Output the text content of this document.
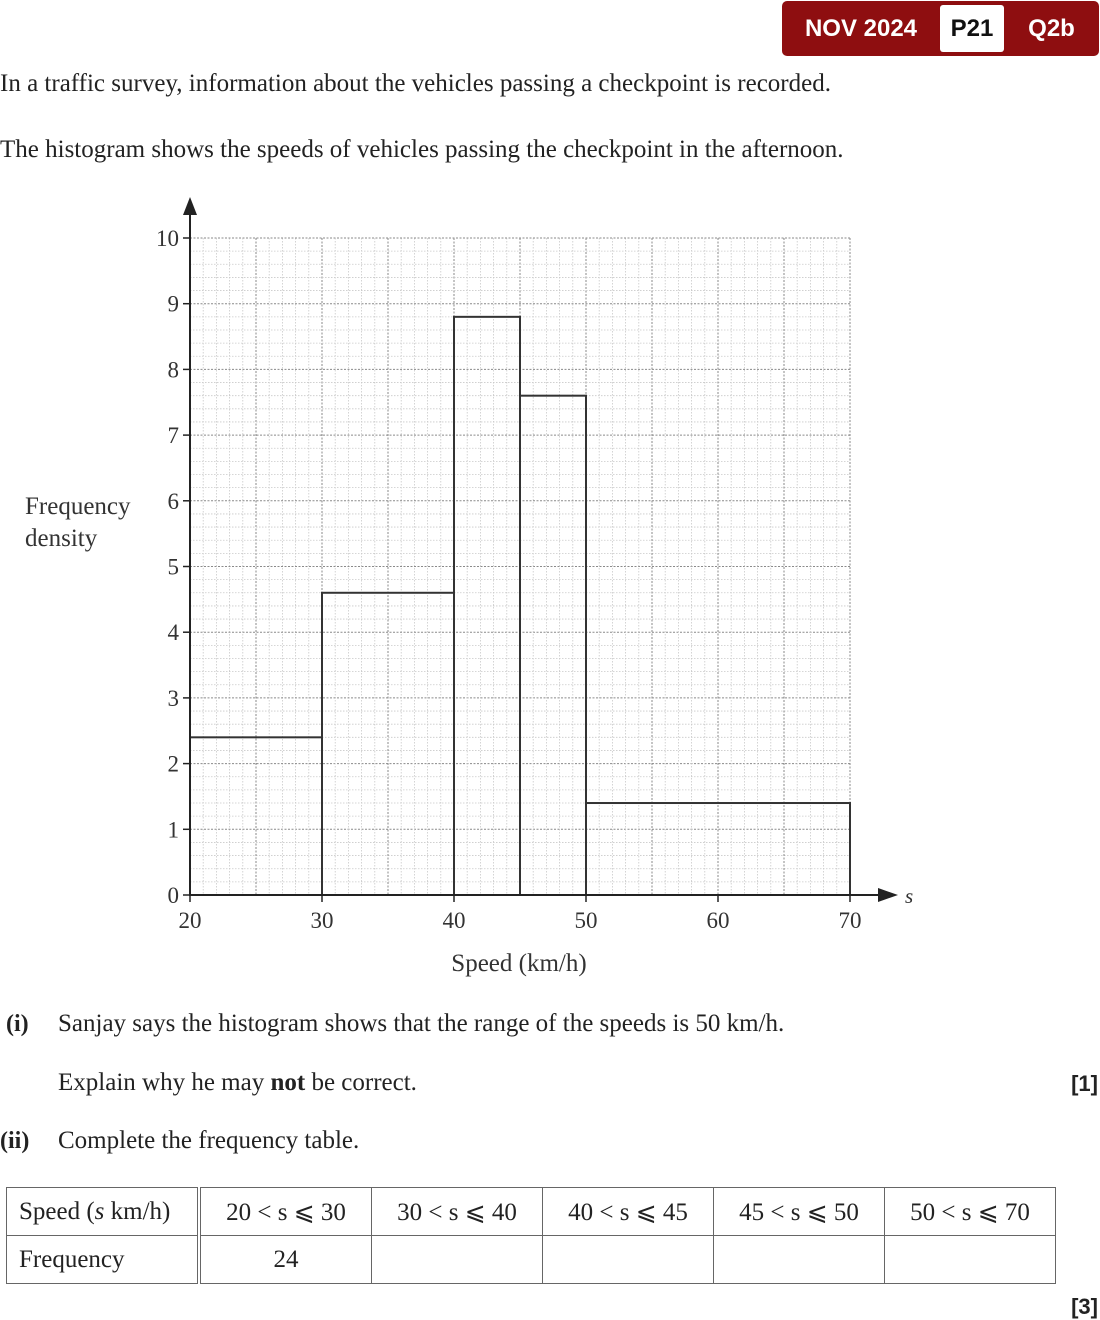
NOV 2024	P21	Q2b
In a traffic survey, information about the vehicles passing a checkpoint is recorded.
The histogram shows the speeds of vehicles passing the checkpoint in the afternoon.
0
1
2
3
4
5
6
7
8
9
10
20	30	40	50	60	70
Frequency
density
Speed (km/h)
s
(i) Sanjay says the histogram shows that the range of the speeds is 50 km/h.
Explain why he may not be correct.	[1]
(ii) Complete the frequency table.
Speed (s km/h)	20 < s ⩽ 30	30 < s ⩽ 40	40 < s ⩽ 45	45 < s ⩽ 50	50 < s ⩽ 70
Frequency	24				
[3]
